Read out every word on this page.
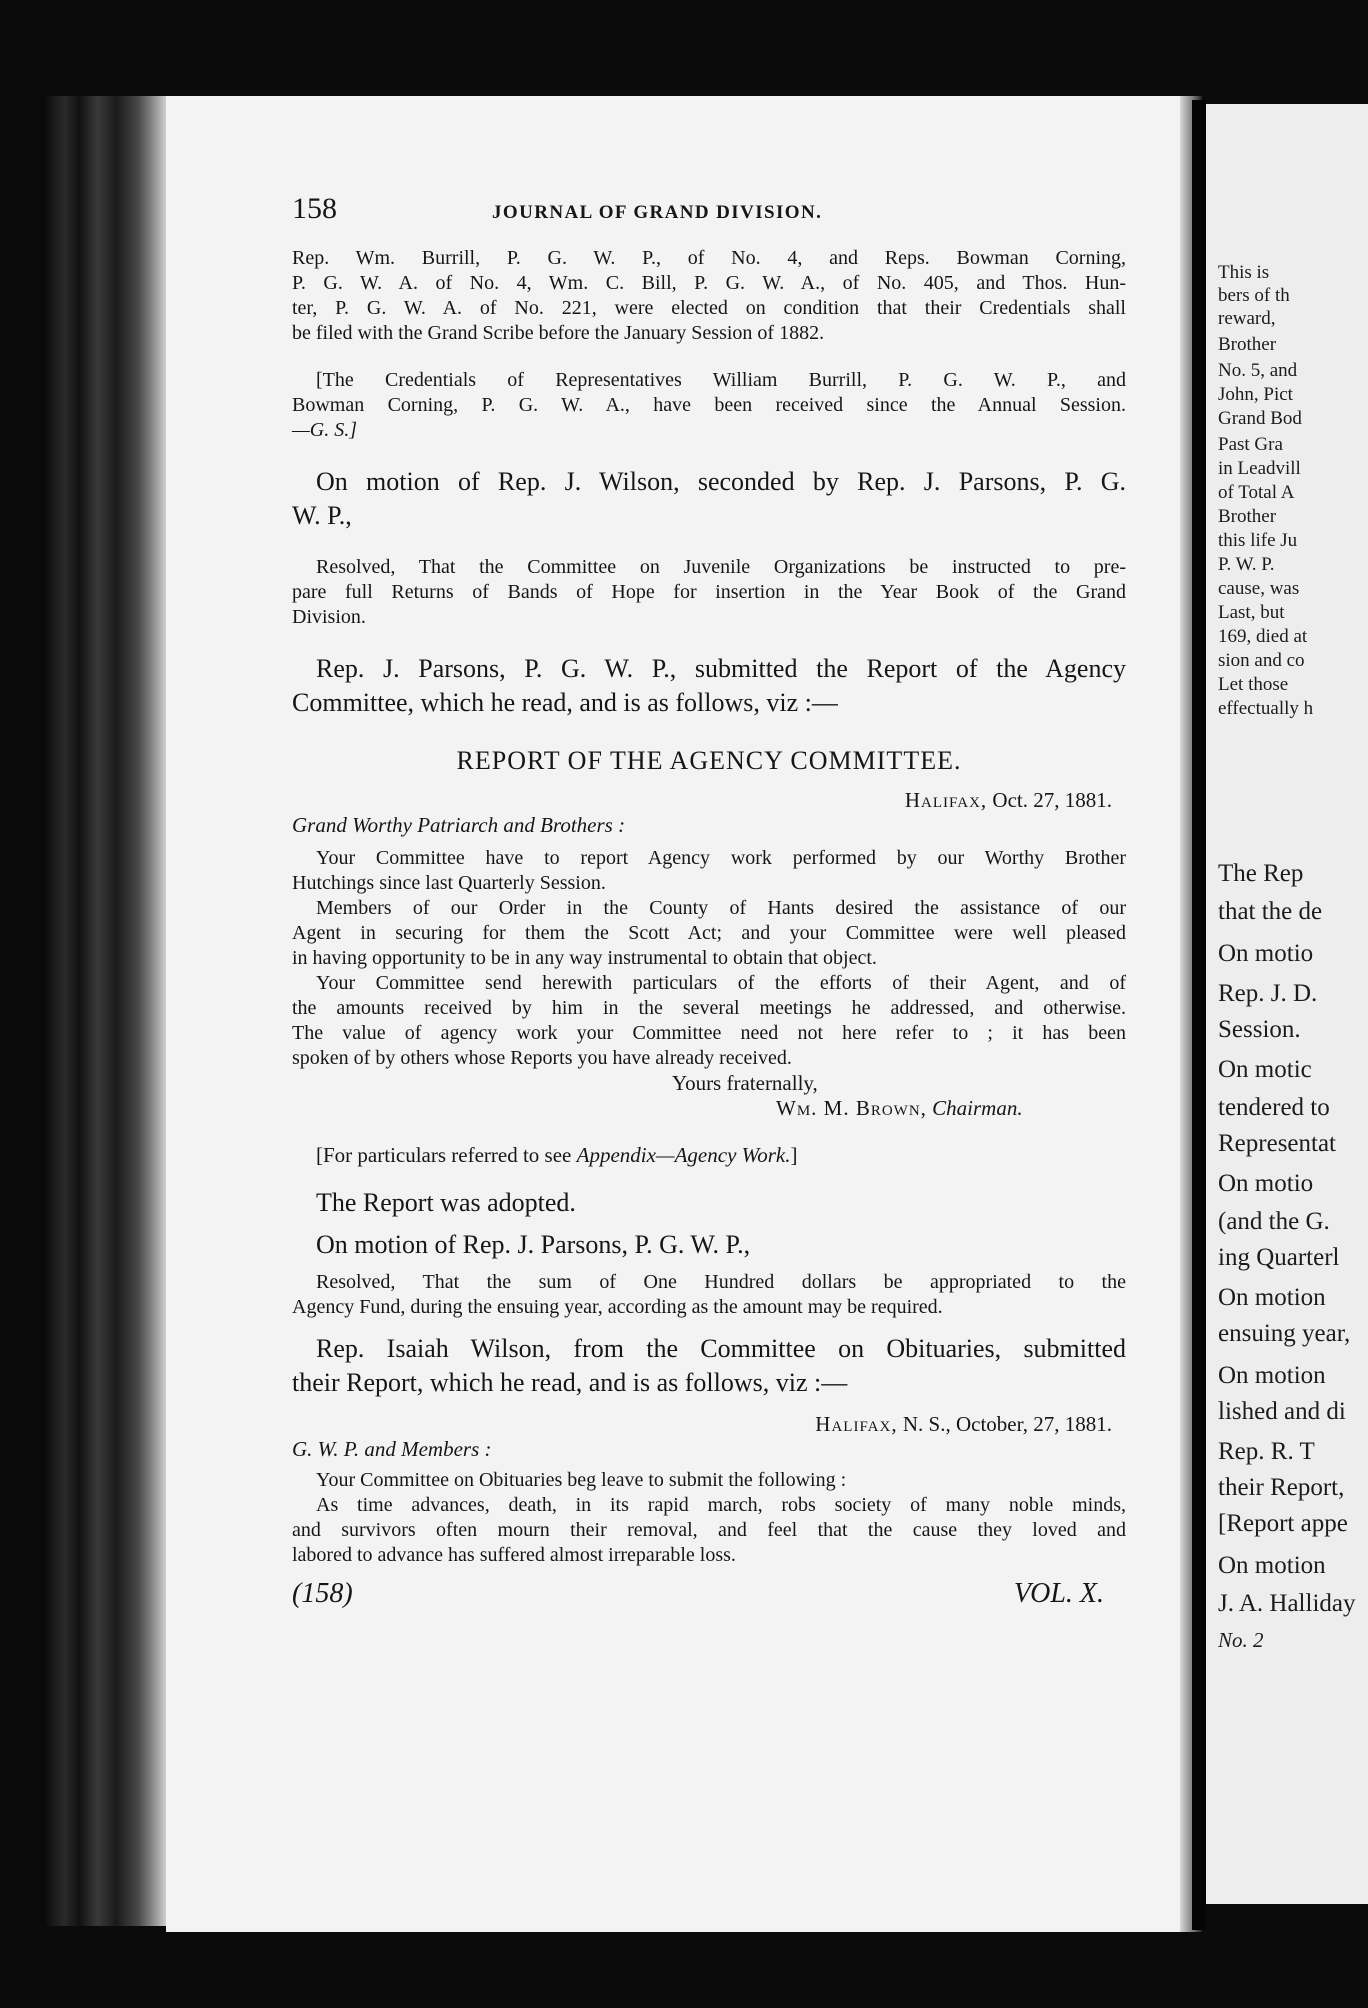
This is
bers of th
reward,
Brother
No. 5, and
John, Pict
Grand Bod
Past Gra
in Leadvill
of Total A
Brother
this life Ju
P. W. P.
cause, was
Last, but
169, died at
sion and co
Let those
effectually h
The Rep
that the de
On motio
Rep. J. D.
Session.
On motic
tendered to
Representat
On motio
(and the G.
ing Quarterl
On motion
ensuing year,
On motion
lished and di
Rep. R. T
their Report,
[Report appe
On motion
J. A. Halliday
No. 2
158	JOURNAL OF GRAND DIVISION.
Rep. Wm. Burrill, P. G. W. P., of No. 4, and Reps. Bowman Corning,
P. G. W. A. of No. 4, Wm. C. Bill, P. G. W. A., of No. 405, and Thos. Hun-
ter, P. G. W. A. of No. 221, were elected on condition that their Credentials shall
be filed with the Grand Scribe before the January Session of 1882.
[The Credentials of Representatives William Burrill, P. G. W. P., and
Bowman Corning, P. G. W. A., have been received since the Annual Session.
—G. S.]
On motion of Rep. J. Wilson, seconded by Rep. J. Parsons, P. G.
W. P.,
Resolved, That the Committee on Juvenile Organizations be instructed to pre-
pare full Returns of Bands of Hope for insertion in the Year Book of the Grand
Division.
Rep. J. Parsons, P. G. W. P., submitted the Report of the Agency
Committee, which he read, and is as follows, viz :—
REPORT OF THE AGENCY COMMITTEE.
Halifax, Oct. 27, 1881.
Grand Worthy Patriarch and Brothers :
Your Committee have to report Agency work performed by our Worthy Brother
Hutchings since last Quarterly Session.
Members of our Order in the County of Hants desired the assistance of our
Agent in securing for them the Scott Act; and your Committee were well pleased
in having opportunity to be in any way instrumental to obtain that object.
Your Committee send herewith particulars of the efforts of their Agent, and of
the amounts received by him in the several meetings he addressed, and otherwise.
The value of agency work your Committee need not here refer to ; it has been
spoken of by others whose Reports you have already received.
Yours fraternally,
Wm. M. Brown, Chairman.
[For particulars referred to see Appendix—Agency Work.]
The Report was adopted.
On motion of Rep. J. Parsons, P. G. W. P.,
Resolved, That the sum of One Hundred dollars be appropriated to the
Agency Fund, during the ensuing year, according as the amount may be required.
Rep. Isaiah Wilson, from the Committee on Obituaries, submitted
their Report, which he read, and is as follows, viz :—
Halifax, N. S., October, 27, 1881.
G. W. P. and Members :
Your Committee on Obituaries beg leave to submit the following :
As time advances, death, in its rapid march, robs society of many noble minds,
and survivors often mourn their removal, and feel that the cause they loved and
labored to advance has suffered almost irreparable loss.
(158)	VOL. X.
